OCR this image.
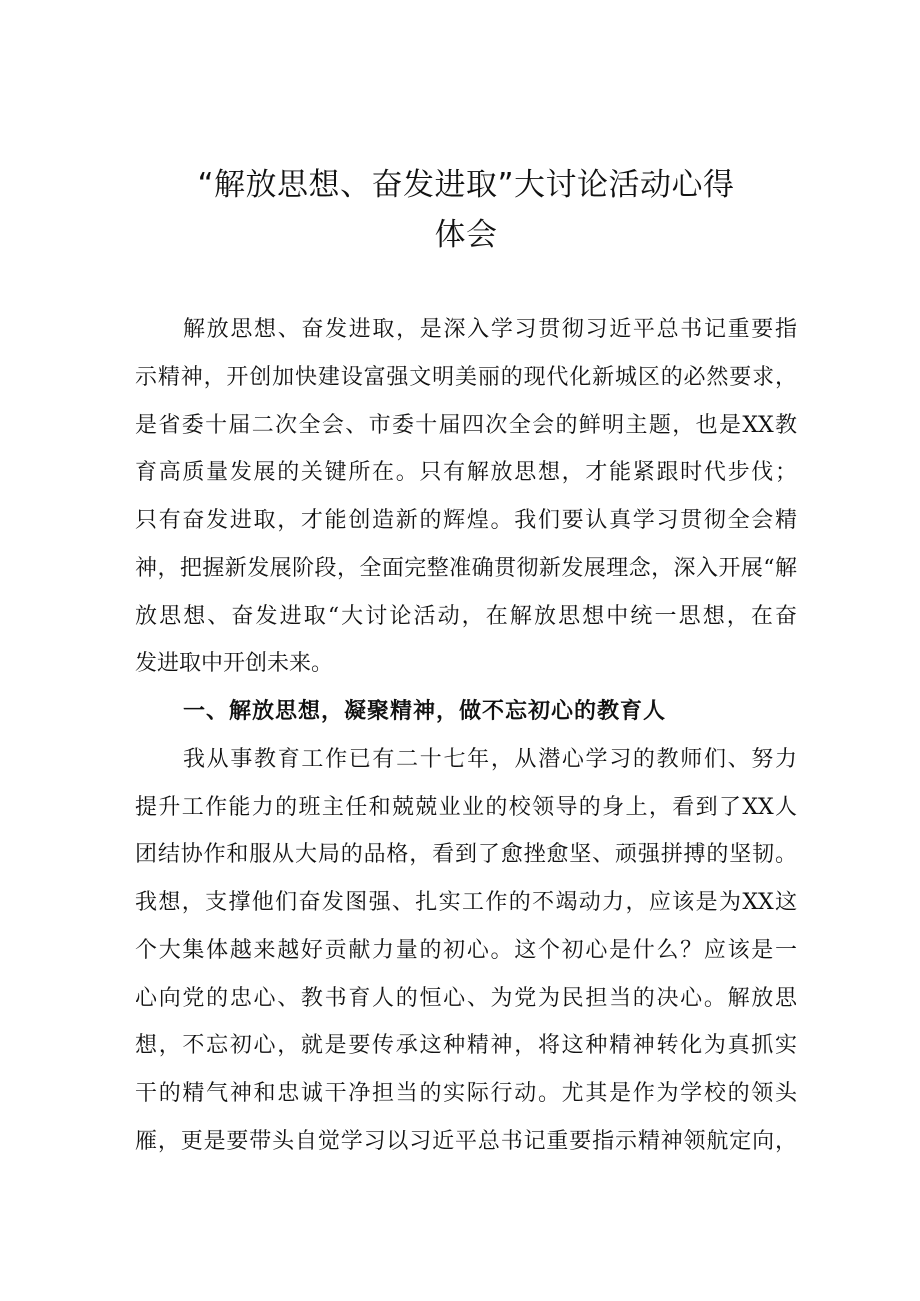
“解放思想、奋发进取”大讨论活动心得
体会
解放思想、奋发进取，是深入学习贯彻习近平总书记重要指
示精神，开创加快建设富强文明美丽的现代化新城区的必然要求，
是省委十届二次全会、市委十届四次全会的鲜明主题，也是XX教
育高质量发展的关键所在。只有解放思想，才能紧跟时代步伐；
只有奋发进取，才能创造新的辉煌。我们要认真学习贯彻全会精
神，把握新发展阶段，全面完整准确贯彻新发展理念，深入开展“解
放思想、奋发进取“大讨论活动，在解放思想中统一思想，在奋
发进取中开创未来。
一、解放思想，凝聚精神，做不忘初心的教育人
我从事教育工作已有二十七年，从潜心学习的教师们、努力
提升工作能力的班主任和兢兢业业的校领导的身上，看到了XX人
团结协作和服从大局的品格，看到了愈挫愈坚、顽强拼搏的坚韧。
我想，支撑他们奋发图强、扎实工作的不竭动力，应该是为XX这
个大集体越来越好贡献力量的初心。这个初心是什么？应该是一
心向党的忠心、教书育人的恒心、为党为民担当的决心。解放思
想，不忘初心，就是要传承这种精神，将这种精神转化为真抓实
干的精气神和忠诚干净担当的实际行动。尤其是作为学校的领头
雁，更是要带头自觉学习以习近平总书记重要指示精神领航定向，
